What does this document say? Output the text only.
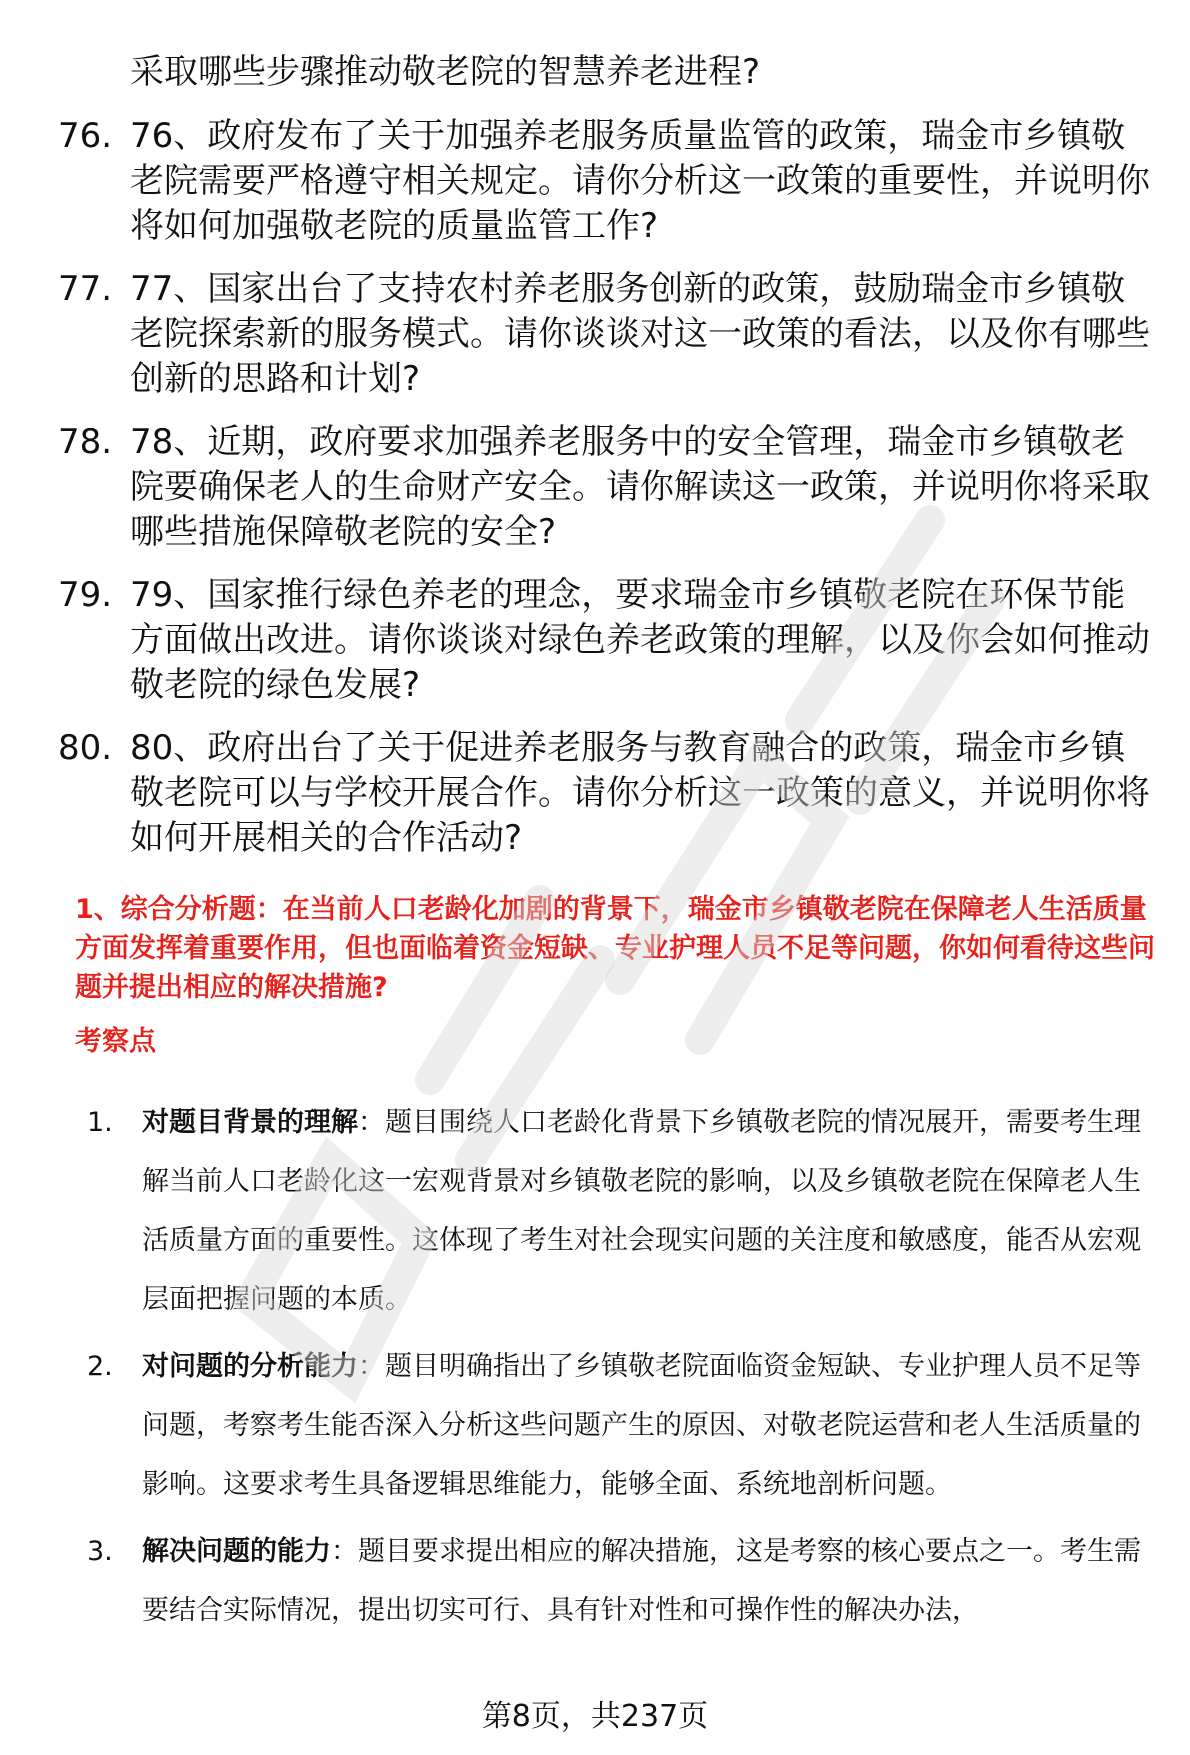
采取哪些步骤推动敬老院的智慧养老进程?

76. 76、政府发布了关于加强养老服务质量监管的政策，瑞金市乡镇敬老院需要严格遵守相关规定。请你分析这一政策的重要性，并说明你将如何加强敬老院的质量监管工作?
77. 77、国家出台了支持农村养老服务创新的政策，鼓励瑞金市乡镇敬老院探索新的服务模式。请你谈谈对这一政策的看法，以及你有哪些创新的思路和计划?
78. 78、近期，政府要求加强养老服务中的安全管理，瑞金市乡镇敬老院要确保老人的生命财产安全。请你解读这一政策，并说明你将采取哪些措施保障敬老院的安全?
79. 79、国家推行绿色养老的理念，要求瑞金市乡镇敬老院在环保节能方面做出改进。请你谈谈对绿色养老政策的理解，以及你会如何推动敬老院的绿色发展?
80. 80、政府出台了关于促进养老服务与教育融合的政策，瑞金市乡镇敬老院可以与学校开展合作。请你分析这一政策的意义，并说明你将如何开展相关的合作活动?

1、综合分析题：在当前人口老龄化加剧的背景下，瑞金市乡镇敬老院在保障老人生活质量方面发挥着重要作用，但也面临着资金短缺、专业护理人员不足等问题，你如何看待这些问题并提出相应的解决措施?

考察点

1.	对题目背景的理解：题目围绕人口老龄化背景下乡镇敬老院的情况展开，需要考生理解当前人口老龄化这一宏观背景对乡镇敬老院的影响，以及乡镇敬老院在保障老人生活质量方面的重要性。这体现了考生对社会现实问题的关注度和敏感度，能否从宏观层面把握问题的本质。
2.	对问题的分析能力：题目明确指出了乡镇敬老院面临资金短缺、专业护理人员不足等问题，考察考生能否深入分析这些问题产生的原因、对敬老院运营和老人生活质量的影响。这要求考生具备逻辑思维能力，能够全面、系统地剖析问题。
3.	解决问题的能力：题目要求提出相应的解决措施，这是考察的核心要点之一。考生需要结合实际情况，提出切实可行、具有针对性和可操作性的解决办法，

第8页，共237页
